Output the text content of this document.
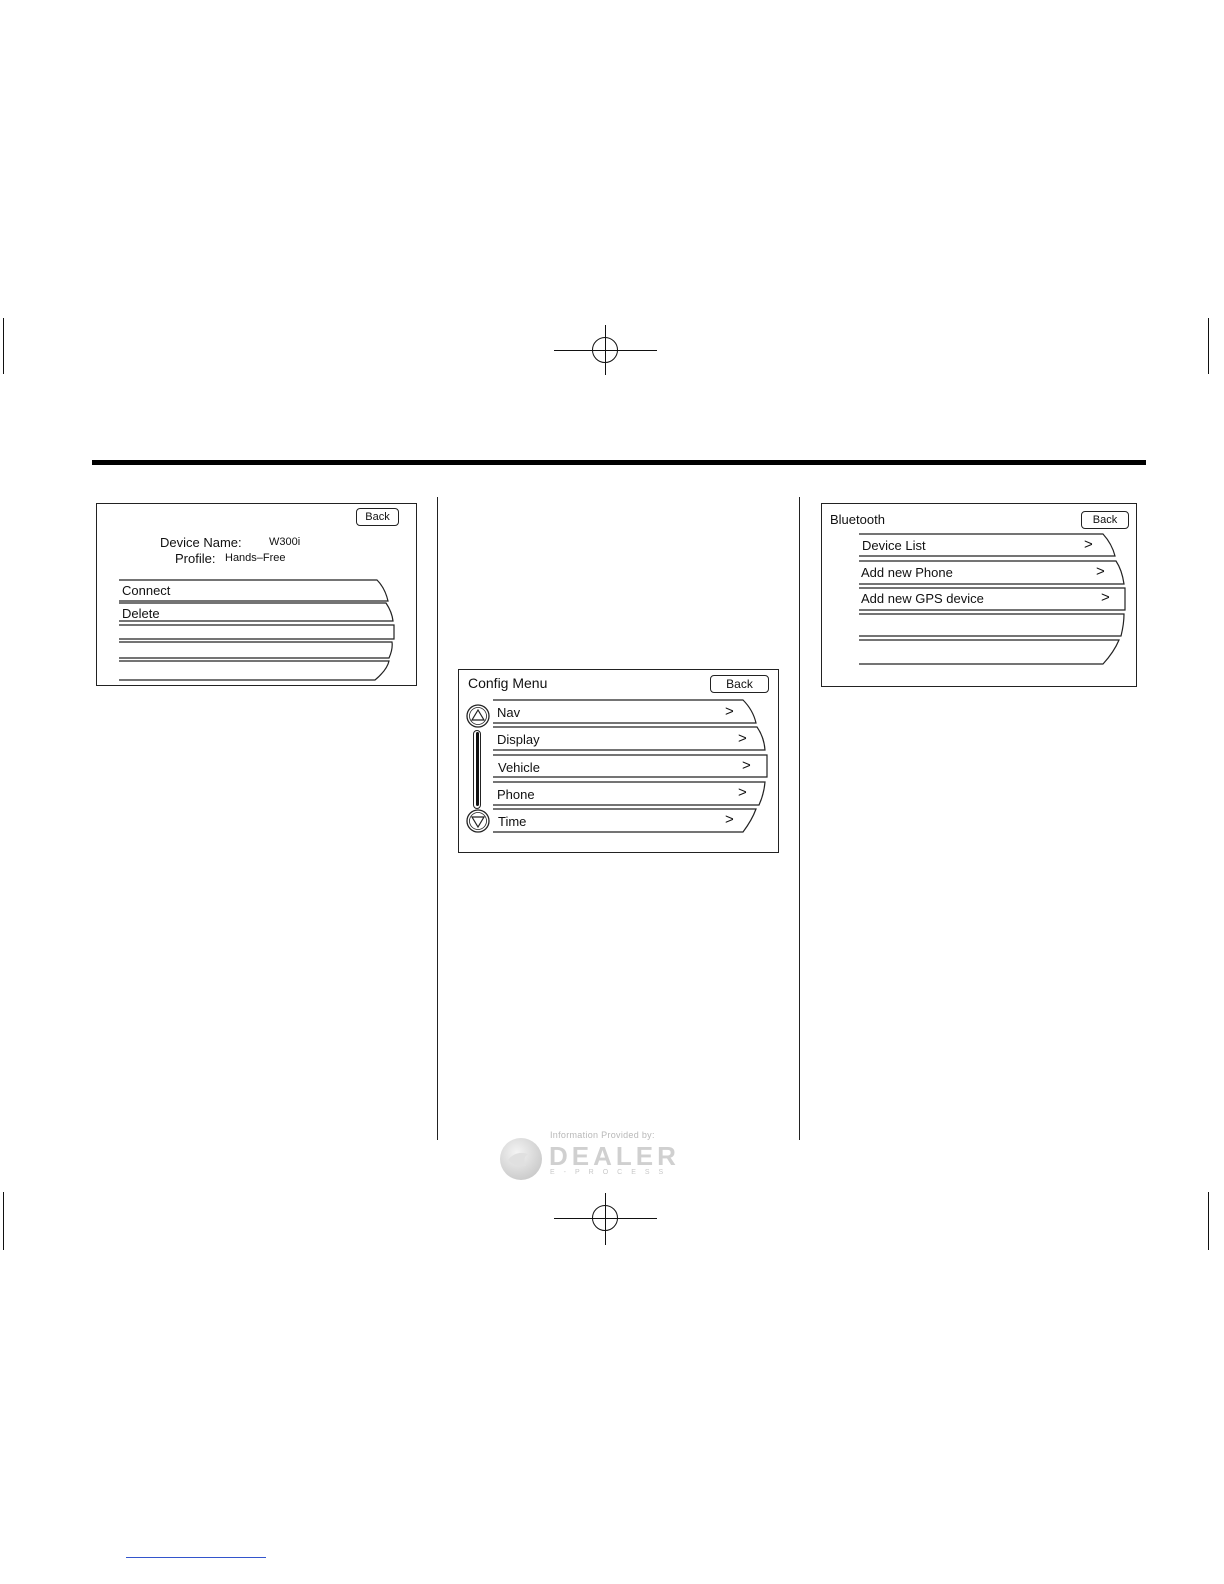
Back
Device Name: W300i
Profile: Hands–Free
Connect
Delete
Config Menu	Back
Nav	>
Display	>
Vehicle	>
Phone	>
Time	>
Bluetooth	Back
Device List	>
Add new Phone	>
Add new GPS device	>
Information Provided by:
DEALER
E-PROCESS
